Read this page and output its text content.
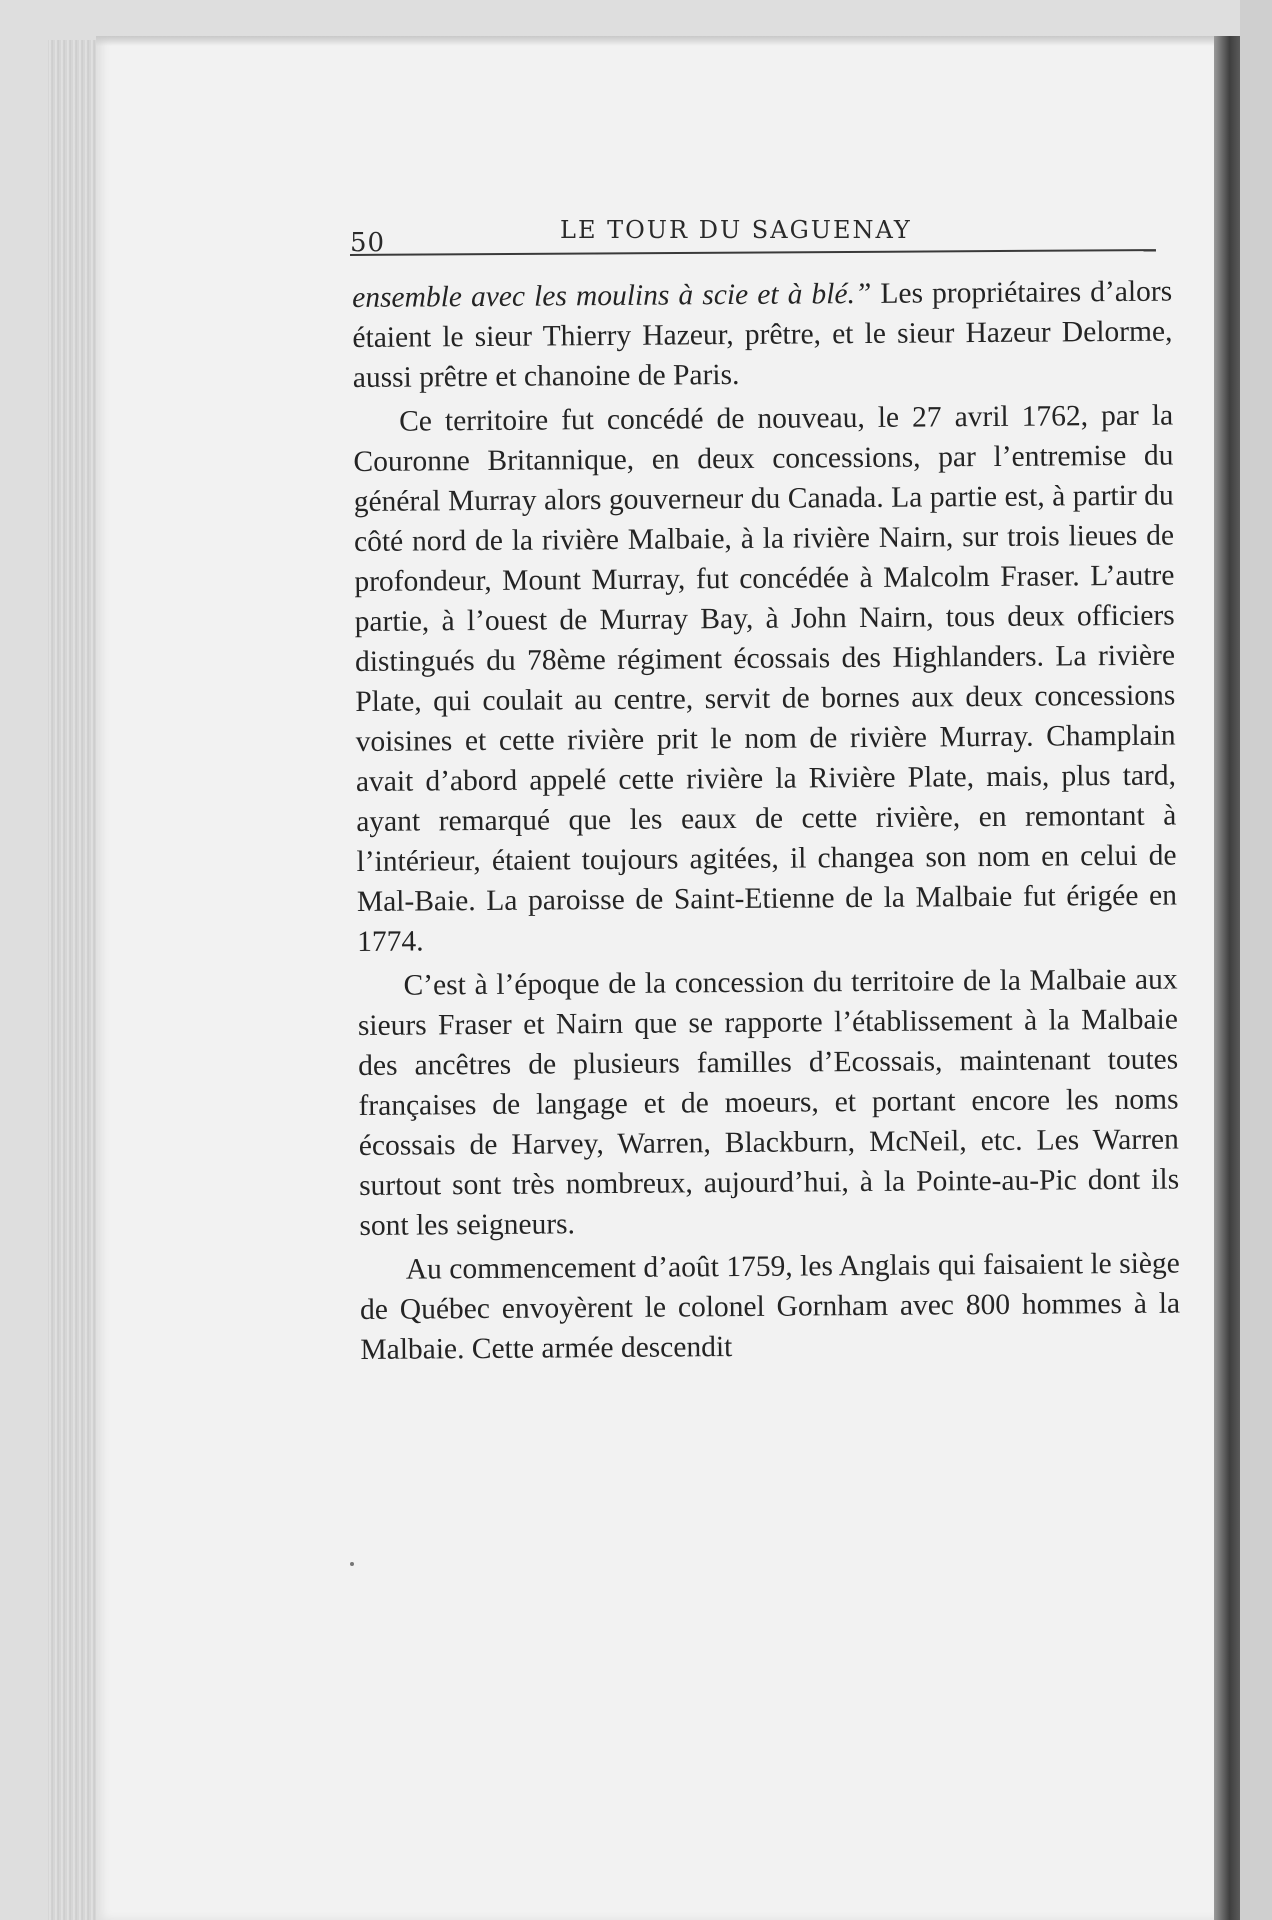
50	LE TOUR DU SAGUENAY

ensemble avec les moulins à scie et à blé.” Les propriétaires d’alors étaient le sieur Thierry Hazeur, prêtre, et le sieur Hazeur Delorme, aussi prêtre et chanoine de Paris.

Ce territoire fut concédé de nouveau, le 27 avril 1762, par la Couronne Britannique, en deux concessions, par l’entremise du général Murray alors gouverneur du Canada. La partie est, à partir du côté nord de la rivière Malbaie, à la rivière Nairn, sur trois lieues de profondeur, Mount Murray, fut concédée à Malcolm Fraser. L’autre partie, à l’ouest de Murray Bay, à John Nairn, tous deux officiers distingués du 78ème régiment écossais des Highlanders. La rivière Plate, qui coulait au centre, servit de bornes aux deux concessions voisines et cette rivière prit le nom de rivière Murray. Champlain avait d’abord appelé cette rivière la Rivière Plate, mais, plus tard, ayant remarqué que les eaux de cette rivière, en remontant à l’intérieur, étaient toujours agitées, il changea son nom en celui de Mal-Baie. La paroisse de Saint-Etienne de la Malbaie fut érigée en 1774.

C’est à l’époque de la concession du territoire de la Malbaie aux sieurs Fraser et Nairn que se rapporte l’établissement à la Malbaie des ancêtres de plusieurs familles d’Ecossais, maintenant toutes françaises de langage et de moeurs, et portant encore les noms écossais de Harvey, Warren, Blackburn, McNeil, etc. Les Warren surtout sont très nombreux, aujourd’hui, à la Pointe-au-Pic dont ils sont les seigneurs.

Au commencement d’août 1759, les Anglais qui faisaient le siège de Québec envoyèrent le colonel Gornham avec 800 hommes à la Malbaie. Cette armée descendit
